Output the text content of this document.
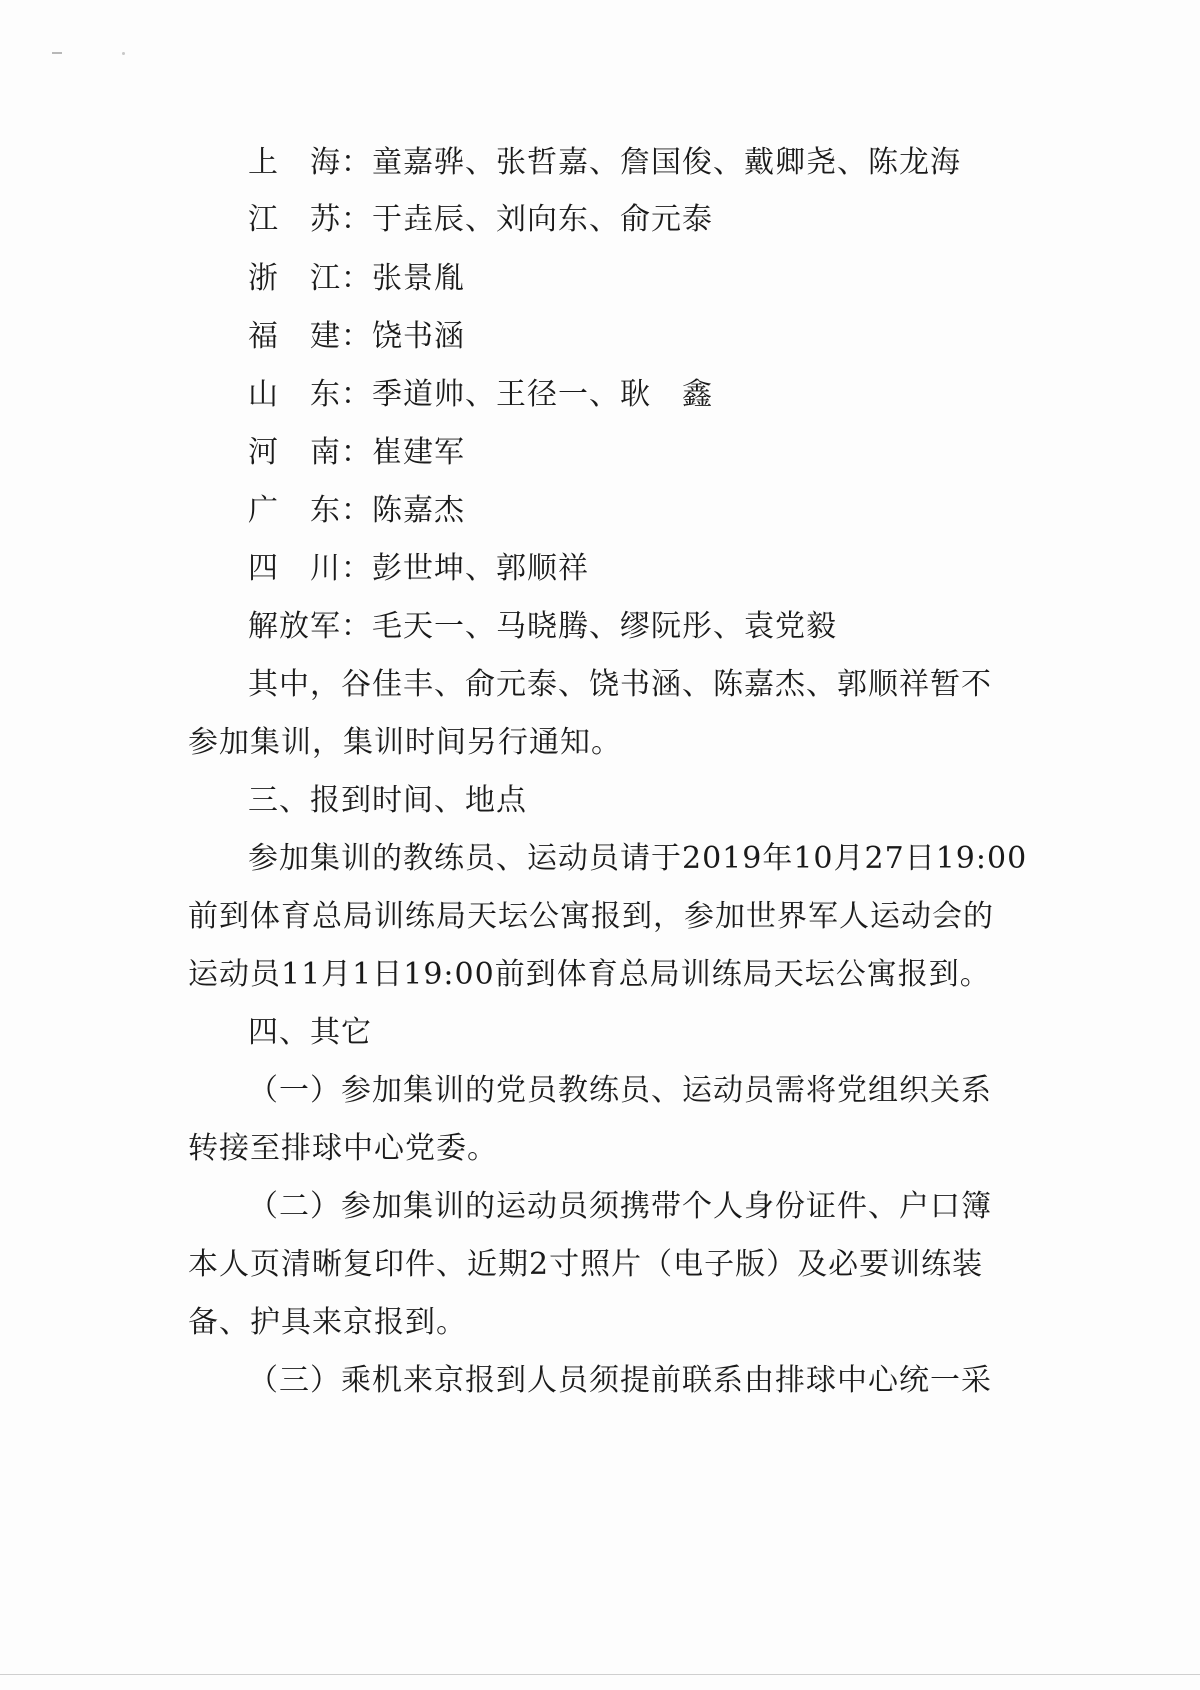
上　海：童嘉骅、张哲嘉、詹国俊、戴卿尧、陈龙海
江　苏：于垚辰、刘向东、俞元泰
浙　江：张景胤
福　建：饶书涵
山　东：季道帅、王径一、耿　鑫
河　南：崔建军
广　东：陈嘉杰
四　川：彭世坤、郭顺祥
解放军：毛天一、马晓腾、缪阮彤、袁党毅
其中，谷佳丰、俞元泰、饶书涵、陈嘉杰、郭顺祥暂不
参加集训，集训时间另行通知。
三、报到时间、地点
参加集训的教练员、运动员请于2019年10月27日19:00
前到体育总局训练局天坛公寓报到，参加世界军人运动会的
运动员11月1日19:00前到体育总局训练局天坛公寓报到。
四、其它
（一）参加集训的党员教练员、运动员需将党组织关系
转接至排球中心党委。
（二）参加集训的运动员须携带个人身份证件、户口簿
本人页清晰复印件、近期2寸照片（电子版）及必要训练装
备、护具来京报到。
（三）乘机来京报到人员须提前联系由排球中心统一采
